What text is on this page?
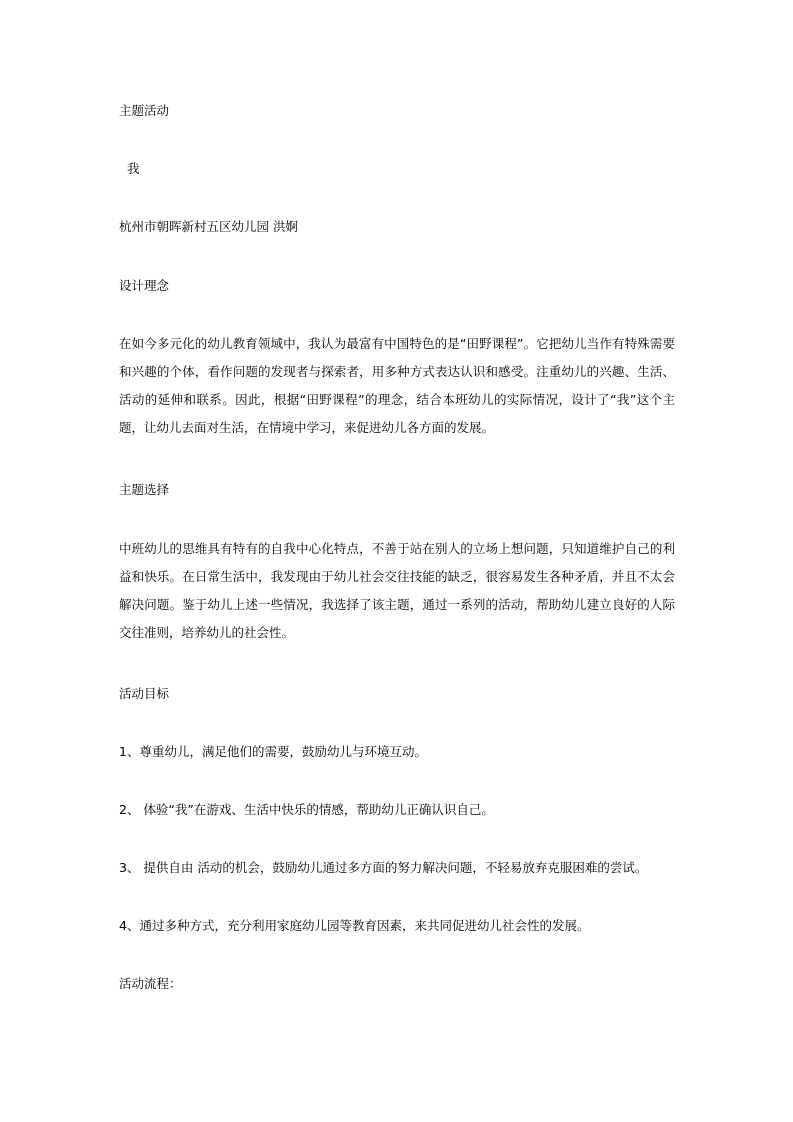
主题活动

我

杭州市朝晖新村五区幼儿园 洪婀

设计理念

在如今多元化的幼儿教育领域中，我认为最富有中国特色的是“田野课程”。它把幼儿当作有特殊需要和兴趣的个体，看作问题的发现者与探索者，用多种方式表达认识和感受。注重幼儿的兴趣、生活、活动的延伸和联系。因此，根据“田野课程”的理念，结合本班幼儿的实际情况，设计了“我”这个主题，让幼儿去面对生活，在情境中学习，来促进幼儿各方面的发展。

主题选择

中班幼儿的思维具有特有的自我中心化特点，不善于站在别人的立场上想问题，只知道维护自己的利益和快乐。在日常生活中，我发现由于幼儿社会交往技能的缺乏，很容易发生各种矛盾，并且不太会解决问题。鉴于幼儿上述一些情况，我选择了该主题，通过一系列的活动，帮助幼儿建立良好的人际交往准则，培养幼儿的社会性。

活动目标

1、尊重幼儿，满足他们的需要，鼓励幼儿与环境互动。

2、 体验“我”在游戏、生活中快乐的情感，帮助幼儿正确认识自己。

3、 提供自由 活动的机会，鼓励幼儿通过多方面的努力解决问题，不轻易放弃克服困难的尝试。

4、通过多种方式，充分利用家庭幼儿园等教育因素，来共同促进幼儿社会性的发展。

活动流程：
